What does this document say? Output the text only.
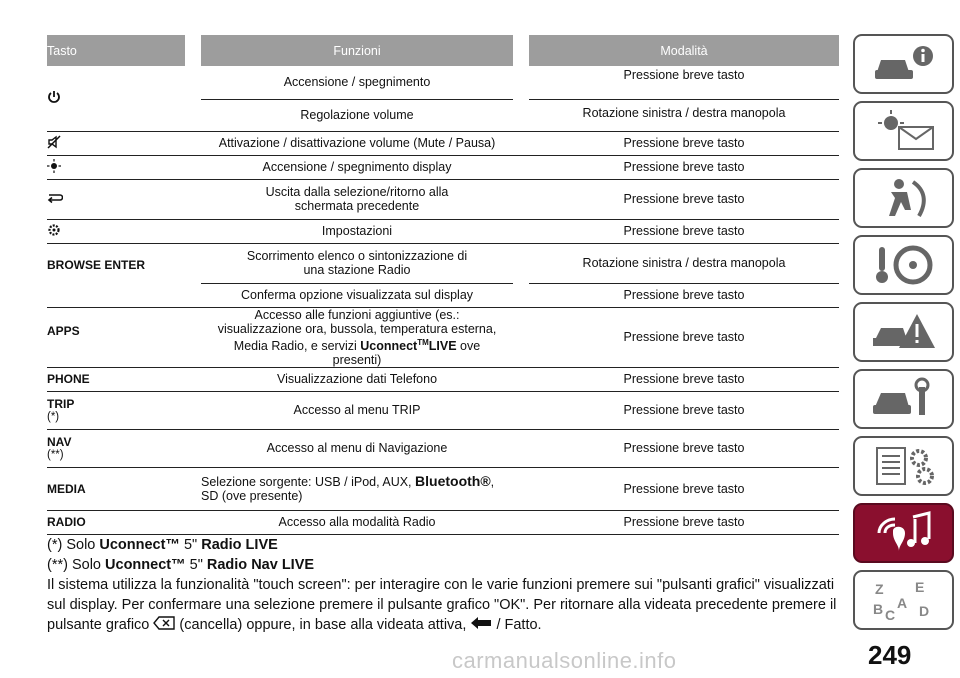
Tasto		Funzioni		Modalità
		Accensione / spegnimento		Pressione breve tasto
		Regolazione volume		Rotazione sinistra / destra manopola
		Attivazione / disattivazione volume (Mute / Pausa)		Pressione breve tasto
		Accensione / spegnimento display		Pressione breve tasto
		Uscita dalla selezione/ritorno alla schermata precedente		Pressione breve tasto
		Impostazioni		Pressione breve tasto
BROWSE ENTER		Scorrimento elenco o sintonizzazione di una stazione Radio		Rotazione sinistra / destra manopola
		Conferma opzione visualizzata sul display		Pressione breve tasto
APPS		Accesso alle funzioni aggiuntive (es.: visualizzazione ora, bussola, temperatura esterna, Media Radio, e servizi Uconnect™LIVE ove presenti)		Pressione breve tasto
PHONE		Visualizzazione dati Telefono		Pressione breve tasto
TRIP
(*)		Accesso al menu TRIP		Pressione breve tasto
NAV
(**)		Accesso al menu di Navigazione		Pressione breve tasto
MEDIA		Selezione sorgente: USB / iPod, AUX, Bluetooth®, SD (ove presente)		Pressione breve tasto
RADIO		Accesso alla modalità Radio		Pressione breve tasto

(*) Solo Uconnect™ 5" Radio LIVE

(**) Solo Uconnect™ 5" Radio Nav LIVE

Il sistema utilizza la funzionalità "touch screen": per interagire con le varie funzioni premere sui "pulsanti grafici" visualizzati sul display. Per confermare una selezione premere il pulsante grafico "OK". Per ritornare alla videata precedente premere il pulsante grafico  (cancella) oppure, in base alla videata attiva,  / Fatto.

Z E
B A D
C
249
carmanualsonline.info
